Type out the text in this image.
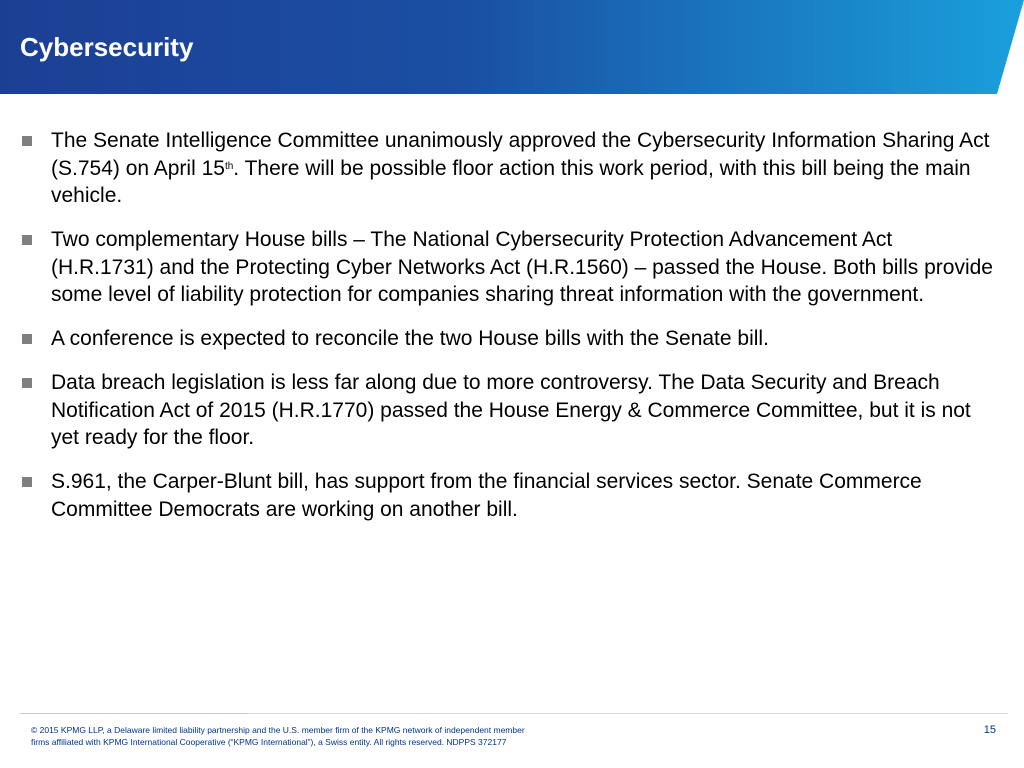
Cybersecurity
The Senate Intelligence Committee unanimously approved the Cybersecurity Information Sharing Act (S.754) on April 15th. There will be possible floor action this work period, with this bill being the main vehicle.
Two complementary House bills – The National Cybersecurity Protection Advancement Act (H.R.1731) and the Protecting Cyber Networks Act (H.R.1560) – passed the House. Both bills provide some level of liability protection for companies sharing threat information with the government.
A conference is expected to reconcile the two House bills with the Senate bill.
Data breach legislation is less far along due to more controversy. The Data Security and Breach Notification Act of 2015 (H.R.1770) passed the House Energy & Commerce Committee, but it is not yet ready for the floor.
S.961, the Carper-Blunt bill, has support from the financial services sector. Senate Commerce Committee Democrats are working on another bill.

© 2015 KPMG LLP, a Delaware limited liability partnership and the U.S. member firm of the KPMG network of independent member
firms affiliated with KPMG International Cooperative (“KPMG International”), a Swiss entity. All rights reserved. NDPPS 372177

15
